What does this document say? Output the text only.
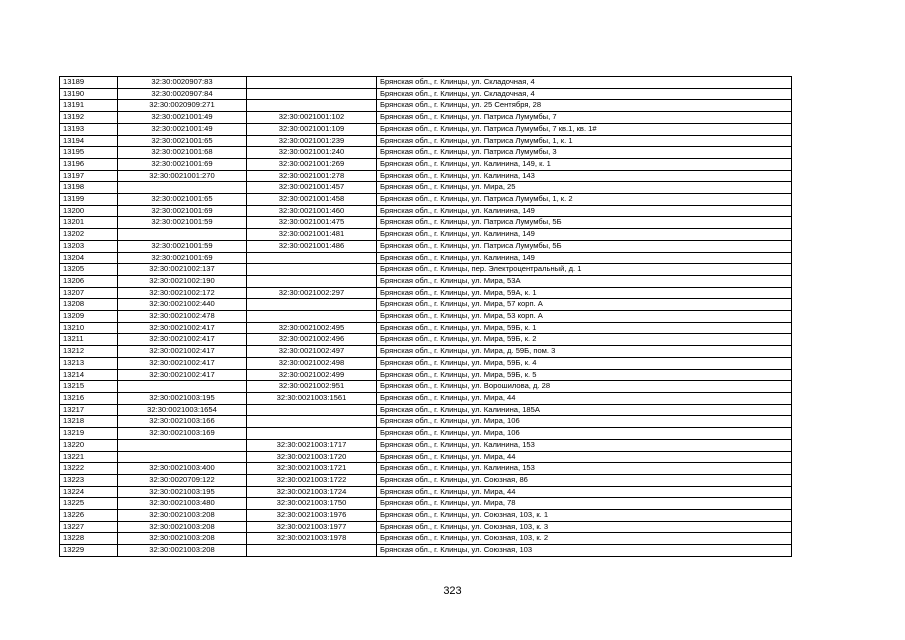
13189	32:30:0020907:83		Брянская обл., г. Клинцы, ул. Складочная, 4
13190	32:30:0020907:84		Брянская обл., г. Клинцы, ул. Складочная, 4
13191	32:30:0020909:271		Брянская обл., г. Клинцы, ул. 25 Сентября, 28
13192	32:30:0021001:49	32:30:0021001:102	Брянская обл., г. Клинцы, ул. Патриса Лумумбы, 7
13193	32:30:0021001:49	32:30:0021001:109	Брянская обл., г. Клинцы, ул. Патриса Лумумбы, 7 кв.1, кв. 1#
13194	32:30:0021001:65	32:30:0021001:239	Брянская обл., г. Клинцы, ул. Патриса Лумумбы, 1, к. 1
13195	32:30:0021001:68	32:30:0021001:240	Брянская обл., г. Клинцы, ул. Патриса Лумумбы, 3
13196	32:30:0021001:69	32:30:0021001:269	Брянская обл., г. Клинцы, ул. Калинина, 149, к. 1
13197	32:30:0021001:270	32:30:0021001:278	Брянская обл., г. Клинцы, ул. Калинина, 143
13198		32:30:0021001:457	Брянская обл., г. Клинцы, ул. Мира, 25
13199	32:30:0021001:65	32:30:0021001:458	Брянская обл., г. Клинцы, ул. Патриса Лумумбы, 1, к. 2
13200	32:30:0021001:69	32:30:0021001:460	Брянская обл., г. Клинцы, ул. Калинина, 149
13201	32:30:0021001:59	32:30:0021001:475	Брянская обл., г. Клинцы, ул. Патриса Лумумбы, 5Б
13202		32:30:0021001:481	Брянская обл., г. Клинцы, ул. Калинина, 149
13203	32:30:0021001:59	32:30:0021001:486	Брянская обл., г. Клинцы, ул. Патриса Лумумбы, 5Б
13204	32:30:0021001:69		Брянская обл., г. Клинцы, ул. Калинина, 149
13205	32:30:0021002:137		Брянская обл., г. Клинцы, пер. Электроцентральный, д. 1
13206	32:30:0021002:190		Брянская обл., г. Клинцы, ул. Мира, 53А
13207	32:30:0021002:172	32:30:0021002:297	Брянская обл., г. Клинцы, ул. Мира, 59А, к. 1
13208	32:30:0021002:440		Брянская обл., г. Клинцы, ул. Мира, 57 корп. А
13209	32:30:0021002:478		Брянская обл., г. Клинцы, ул. Мира, 53 корп. А
13210	32:30:0021002:417	32:30:0021002:495	Брянская обл., г. Клинцы, ул. Мира, 59Б, к. 1
13211	32:30:0021002:417	32:30:0021002:496	Брянская обл., г. Клинцы, ул. Мира, 59Б, к. 2
13212	32:30:0021002:417	32:30:0021002:497	Брянская обл., г. Клинцы, ул. Мира, д. 59Б, пом. 3
13213	32:30:0021002:417	32:30:0021002:498	Брянская обл., г. Клинцы, ул. Мира, 59Б, к. 4
13214	32:30:0021002:417	32:30:0021002:499	Брянская обл., г. Клинцы, ул. Мира, 59Б, к. 5
13215		32:30:0021002:951	Брянская обл., г. Клинцы, ул. Ворошилова, д. 28
13216	32:30:0021003:195	32:30:0021003:1561	Брянская обл., г. Клинцы, ул. Мира, 44
13217	32:30:0021003:1654		Брянская обл., г. Клинцы, ул. Калинина, 185А
13218	32:30:0021003:166		Брянская обл., г. Клинцы, ул. Мира, 106
13219	32:30:0021003:169		Брянская обл., г. Клинцы, ул. Мира, 106
13220		32:30:0021003:1717	Брянская обл., г. Клинцы, ул. Калинина, 153
13221		32:30:0021003:1720	Брянская обл., г. Клинцы, ул. Мира, 44
13222	32:30:0021003:400	32:30:0021003:1721	Брянская обл., г. Клинцы, ул. Калинина, 153
13223	32:30:0020709:122	32:30:0021003:1722	Брянская обл., г. Клинцы, ул. Союзная, 86
13224	32:30:0021003:195	32:30:0021003:1724	Брянская обл., г. Клинцы, ул. Мира, 44
13225	32:30:0021003:480	32:30:0021003:1750	Брянская обл., г. Клинцы, ул. Мира, 78
13226	32:30:0021003:208	32:30:0021003:1976	Брянская обл., г. Клинцы, ул. Союзная, 103, к. 1
13227	32:30:0021003:208	32:30:0021003:1977	Брянская обл., г. Клинцы, ул. Союзная, 103, к. 3
13228	32:30:0021003:208	32:30:0021003:1978	Брянская обл., г. Клинцы, ул. Союзная, 103, к. 2
13229	32:30:0021003:208		Брянская обл., г. Клинцы, ул. Союзная, 103
323
